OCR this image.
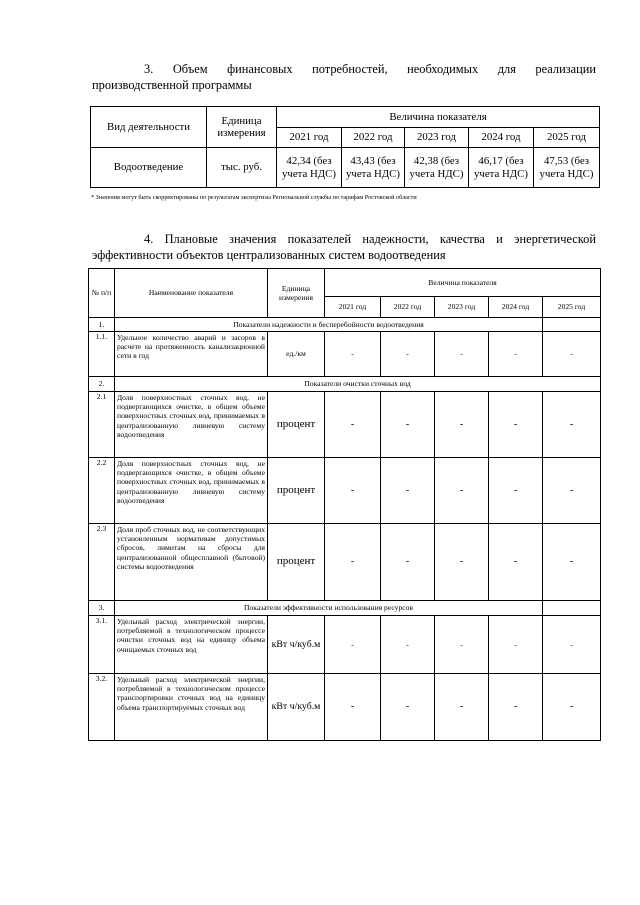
3. Объем финансовых потребностей, необходимых для реализации производственной программы
Вид деятельности	Единица измерения	Величина показателя				
		2021 год	2022 год	2023 год	2024 год	2025 год
Водоотведение	тыс. руб.	42,34 (без учета НДС)	43,43 (без учета НДС)	42,38 (без учета НДС)	46,17 (без учета НДС)	47,53 (без учета НДС)
* Значения могут быть скорректированы по результатам экспертизы Региональной службы по тарифам Ростовской области
4. Плановые значения показателей надежности, качества и энергетической эффективности объектов централизованных систем водоотведения
№ п/п	Наименование показателя	Единица измерения	Величина показателя				
			2021 год	2022 год	2023 год	2024 год	2025 год
1.	Показатели надежности и бесперебойности водоотведения						
1.1.	Удельное количество аварий и засоров в расчете на протяженность канализационной сети в год	ед./км	-	-	-	-	-
2.	Показатели очистки сточных вод						
2.1	Доля поверхностных сточных вод, не подвергающихся очистке, в общем объеме поверхностных сточных вод, принимаемых в централизованную ливневую систему водоотведения	процент	-	-	-	-	-
2.2	Доля поверхностных сточных вод, не подвергающихся очистке, в общем объеме поверхностных сточных вод, принимаемых в централизованную ливневую систему водоотведения	процент	-	-	-	-	-
2.3	Доля проб сточных вод, не соответствующих установленным нормативам допустимых сбросов, лимитам на сбросы для централизованной общесплавной (бытовой) системы водоотведения	процент	-	-	-	-	-
3.	Показатели эффективности использования ресурсов						
3.1.	Удельный расход электрической энергии, потребляемой в технологическом процессе очистки сточных вод на единицу объема очищаемых сточных вод	кВт ч/куб.м	-	-	-	-	-
3.2.	Удельный расход электрической энергии, потребляемой в технологическом процессе транспортировки сточных вод на единицу объема транспортируемых сточных вод	кВт ч/куб.м	-	-	-	-	-
